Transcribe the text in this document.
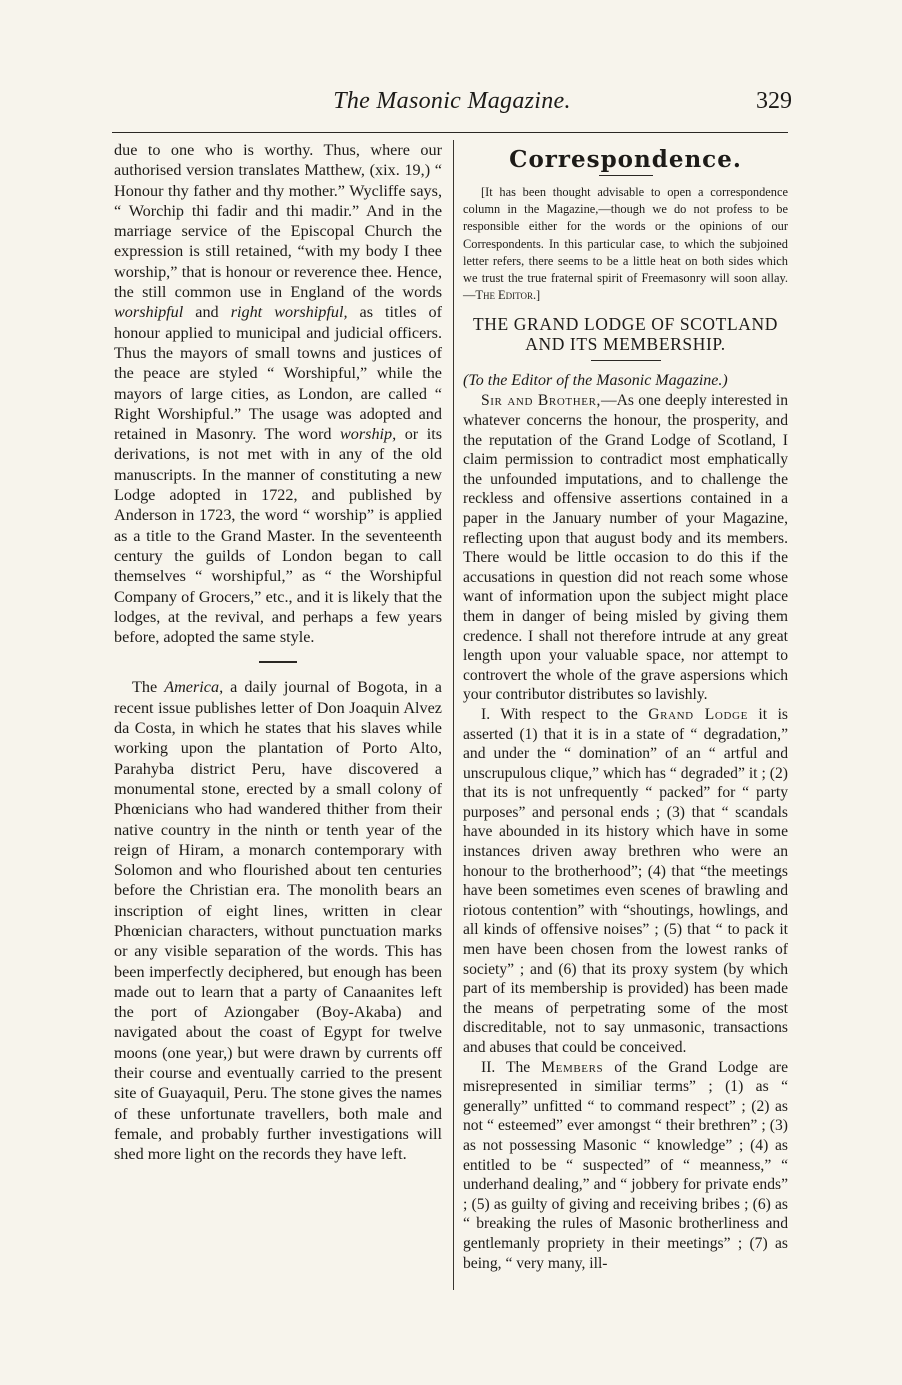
The Masonic Magazine.	329

due to one who is worthy. Thus, where our authorised version translates Matthew, (xix. 19,) “ Honour thy father and thy mother.” Wycliffe says, “ Worchip thi fadir and thi madir.” And in the marriage service of the Episcopal Church the expression is still retained, “with my body I thee worship,” that is honour or reverence thee. Hence, the still common use in England of the words worshipful and right worshipful, as titles of honour applied to municipal and judicial officers. Thus the mayors of small towns and justices of the peace are styled “ Worshipful,” while the mayors of large cities, as London, are called “ Right Worshipful.” The usage was adopted and retained in Masonry. The word worship, or its derivations, is not met with in any of the old manuscripts. In the manner of constituting a new Lodge adopted in 1722, and published by Anderson in 1723, the word “ worship” is applied as a title to the Grand Master. In the seventeenth century the guilds of London began to call themselves “ worshipful,” as “ the Worshipful Company of Grocers,” etc., and it is likely that the lodges, at the revival, and perhaps a few years before, adopted the same style.

The America, a daily journal of Bogota, in a recent issue publishes letter of Don Joaquin Alvez da Costa, in which he states that his slaves while working upon the plantation of Porto Alto, Parahyba district Peru, have discovered a monumental stone, erected by a small colony of Phœnicians who had wandered thither from their native country in the ninth or tenth year of the reign of Hiram, a monarch contemporary with Solomon and who flourished about ten centuries before the Christian era. The monolith bears an inscription of eight lines, written in clear Phœnician characters, without punctuation marks or any visible separation of the words. This has been imperfectly deciphered, but enough has been made out to learn that a party of Canaanites left the port of Aziongaber (Boy-Akaba) and navigated about the coast of Egypt for twelve moons (one year,) but were drawn by currents off their course and eventually carried to the present site of Guayaquil, Peru. The stone gives the names of these unfortunate travellers, both male and female, and probably further investigations will shed more light on the records they have left.

Correspondence.

[It has been thought advisable to open a correspondence column in the Magazine,—though we do not profess to be responsible either for the words or the opinions of our Correspondents. In this particular case, to which the subjoined letter refers, there seems to be a little heat on both sides which we trust the true fraternal spirit of Freemasonry will soon allay.—The Editor.]

THE GRAND LODGE OF SCOTLAND
AND ITS MEMBERSHIP.

(To the Editor of the Masonic Magazine.)

Sir and Brother,—As one deeply interested in whatever concerns the honour, the prosperity, and the reputation of the Grand Lodge of Scotland, I claim permission to contradict most emphatically the unfounded imputations, and to challenge the reckless and offensive assertions contained in a paper in the January number of your Magazine, reflecting upon that august body and its members. There would be little occasion to do this if the accusations in question did not reach some whose want of information upon the subject might place them in danger of being misled by giving them credence. I shall not therefore intrude at any great length upon your valuable space, nor attempt to controvert the whole of the grave aspersions which your contributor distributes so lavishly.

I. With respect to the Grand Lodge it is asserted (1) that it is in a state of “ degradation,” and under the “ domination” of an “ artful and unscrupulous clique,” which has “ degraded” it ; (2) that its is not unfrequently “ packed” for “ party purposes” and personal ends ; (3) that “ scandals have abounded in its history which have in some instances driven away brethren who were an honour to the brotherhood”; (4) that “the meetings have been sometimes even scenes of brawling and riotous contention” with “shoutings, howlings, and all kinds of offensive noises” ; (5) that “ to pack it men have been chosen from the lowest ranks of society” ; and (6) that its proxy system (by which part of its membership is provided) has been made the means of perpetrating some of the most discreditable, not to say unmasonic, transactions and abuses that could be conceived.

II. The Members of the Grand Lodge are misrepresented in similiar terms” ; (1) as “ generally” unfitted “ to command respect” ; (2) as not “ esteemed” ever amongst “ their brethren” ; (3) as not possessing Masonic “ knowledge” ; (4) as entitled to be “ suspected” of “ meanness,” “ underhand dealing,” and “ jobbery for private ends” ; (5) as guilty of giving and receiving bribes ; (6) as “ breaking the rules of Masonic brotherliness and gentlemanly propriety in their meetings” ; (7) as being, “ very many, ill-
